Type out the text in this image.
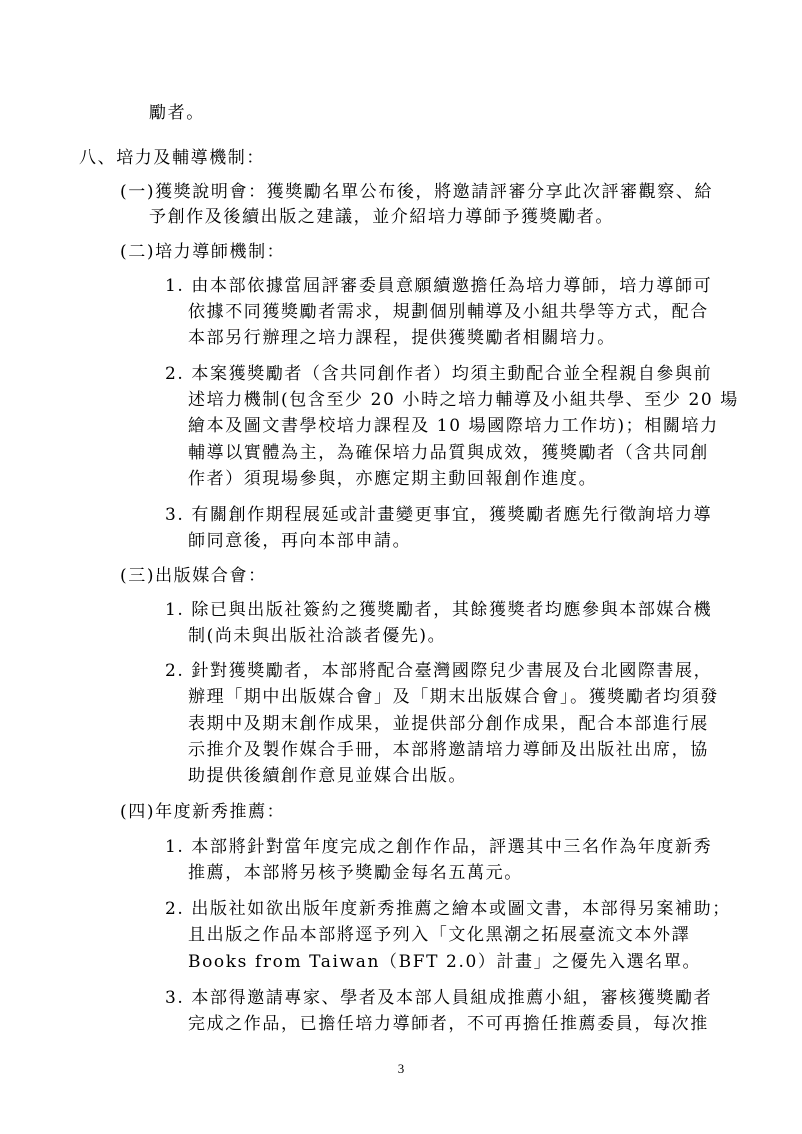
勵者。
八、培力及輔導機制：
(一)獲獎說明會：獲獎勵名單公布後，將邀請評審分享此次評審觀察、給
予創作及後續出版之建議，並介紹培力導師予獲獎勵者。
(二)培力導師機制：
1. 由本部依據當屆評審委員意願續邀擔任為培力導師，培力導師可
依據不同獲獎勵者需求，規劃個別輔導及小組共學等方式，配合
本部另行辦理之培力課程，提供獲獎勵者相關培力。
2. 本案獲獎勵者（含共同創作者）均須主動配合並全程親自參與前
述培力機制(包含至少 20 小時之培力輔導及小組共學、至少 20 場
繪本及圖文書學校培力課程及 10 場國際培力工作坊)；相關培力
輔導以實體為主，為確保培力品質與成效，獲獎勵者（含共同創
作者）須現場參與，亦應定期主動回報創作進度。
3. 有關創作期程展延或計畫變更事宜，獲獎勵者應先行徵詢培力導
師同意後，再向本部申請。
(三)出版媒合會：
1. 除已與出版社簽約之獲獎勵者，其餘獲獎者均應參與本部媒合機
制(尚未與出版社洽談者優先)。
2. 針對獲獎勵者，本部將配合臺灣國際兒少書展及台北國際書展，
辦理「期中出版媒合會」及「期末出版媒合會」。獲獎勵者均須發
表期中及期末創作成果，並提供部分創作成果，配合本部進行展
示推介及製作媒合手冊，本部將邀請培力導師及出版社出席，協
助提供後續創作意見並媒合出版。
(四)年度新秀推薦：
1. 本部將針對當年度完成之創作作品，評選其中三名作為年度新秀
推薦，本部將另核予獎勵金每名五萬元。
2. 出版社如欲出版年度新秀推薦之繪本或圖文書，本部得另案補助；
且出版之作品本部將逕予列入「文化黑潮之拓展臺流文本外譯
Books from Taiwan（BFT 2.0）計畫」之優先入選名單。
3. 本部得邀請專家、學者及本部人員組成推薦小組，審核獲獎勵者
完成之作品，已擔任培力導師者，不可再擔任推薦委員，每次推
3
